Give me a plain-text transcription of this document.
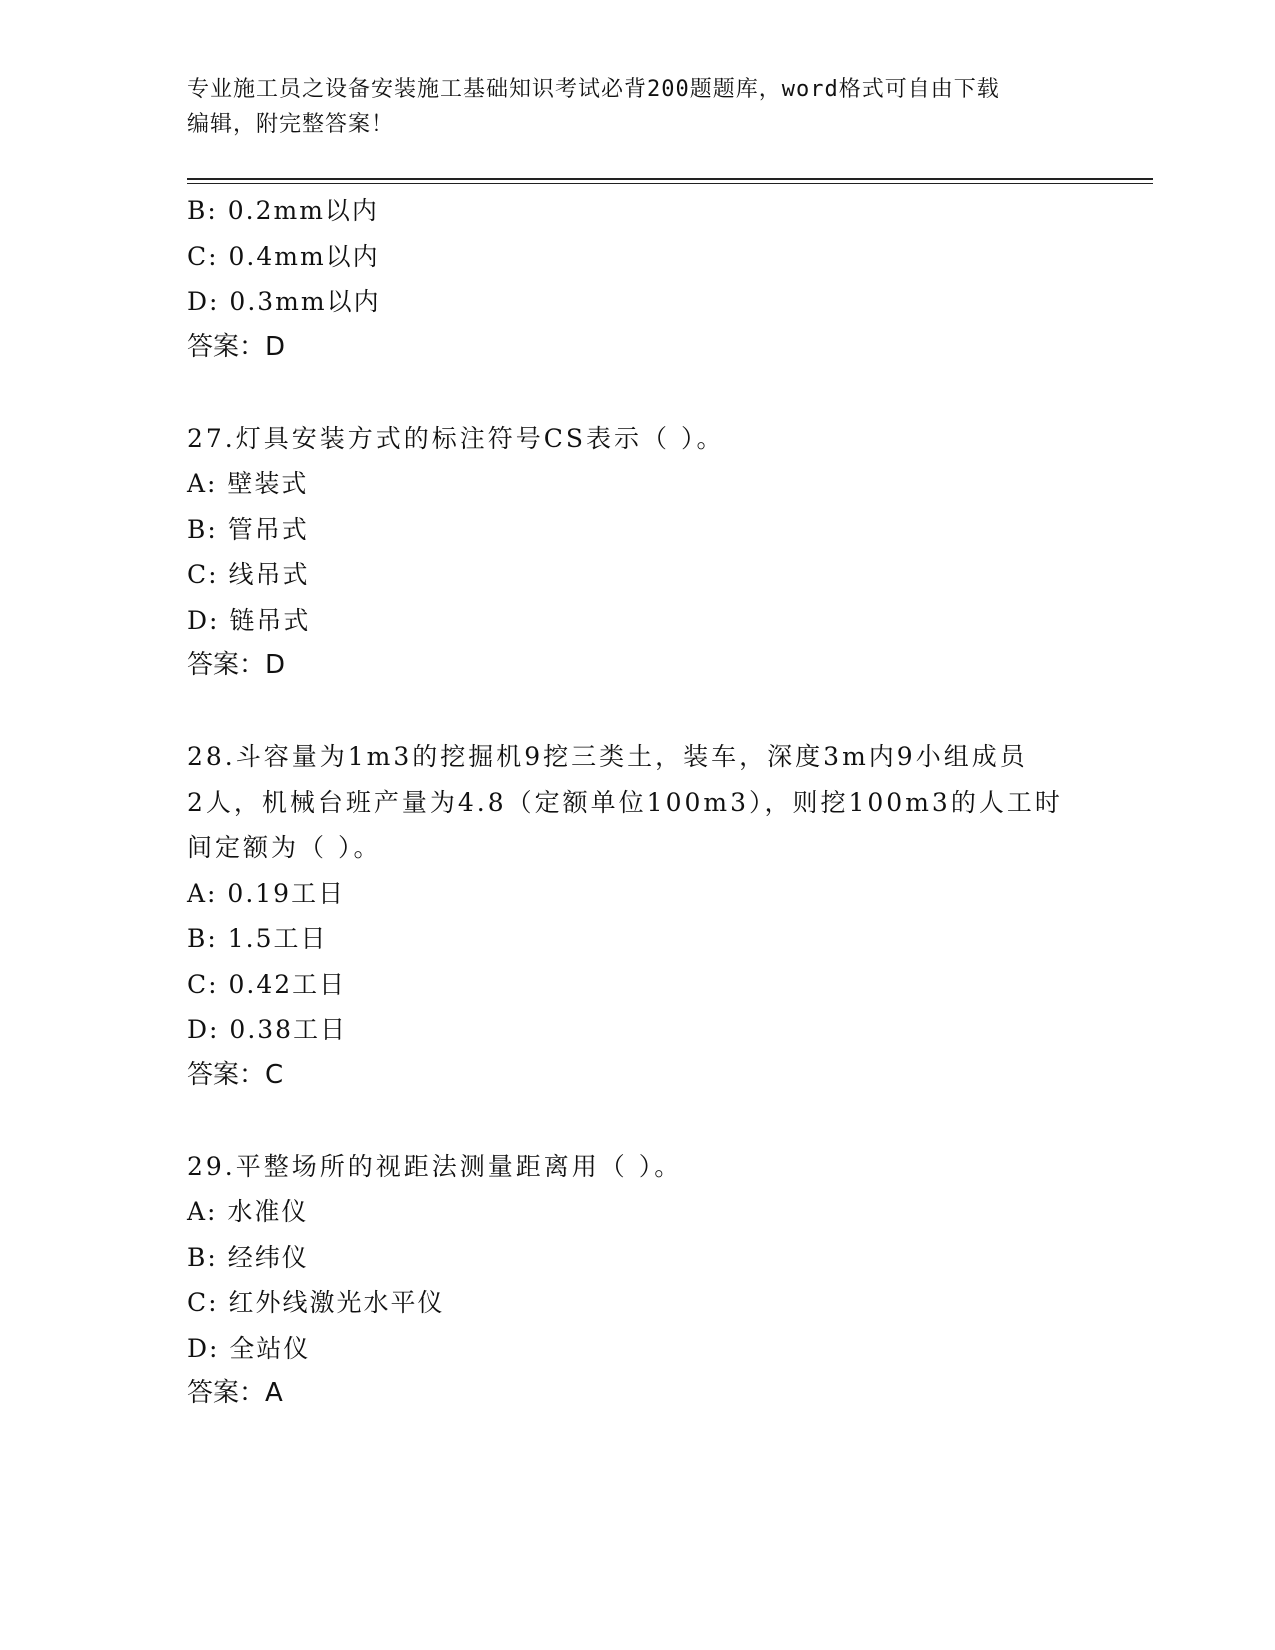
专业施工员之设备安装施工基础知识考试必背200题题库，word格式可自由下载
编辑，附完整答案！
B: 0.2mm以内
C: 0.4mm以内
D: 0.3mm以内
答案：D
27.灯具安装方式的标注符号CS表示（ ）。
A: 壁装式
B: 管吊式
C: 线吊式
D: 链吊式
答案：D
28.斗容量为1m3的挖掘机9挖三类土，装车，深度3m内9小组成员
2人，机械台班产量为4.8（定额单位100m3），则挖100m3的人工时
间定额为（ ）。
A: 0.19工日
B: 1.5工日
C: 0.42工日
D: 0.38工日
答案：C
29.平整场所的视距法测量距离用（ ）。
A: 水准仪
B: 经纬仪
C: 红外线激光水平仪
D: 全站仪
答案：A
